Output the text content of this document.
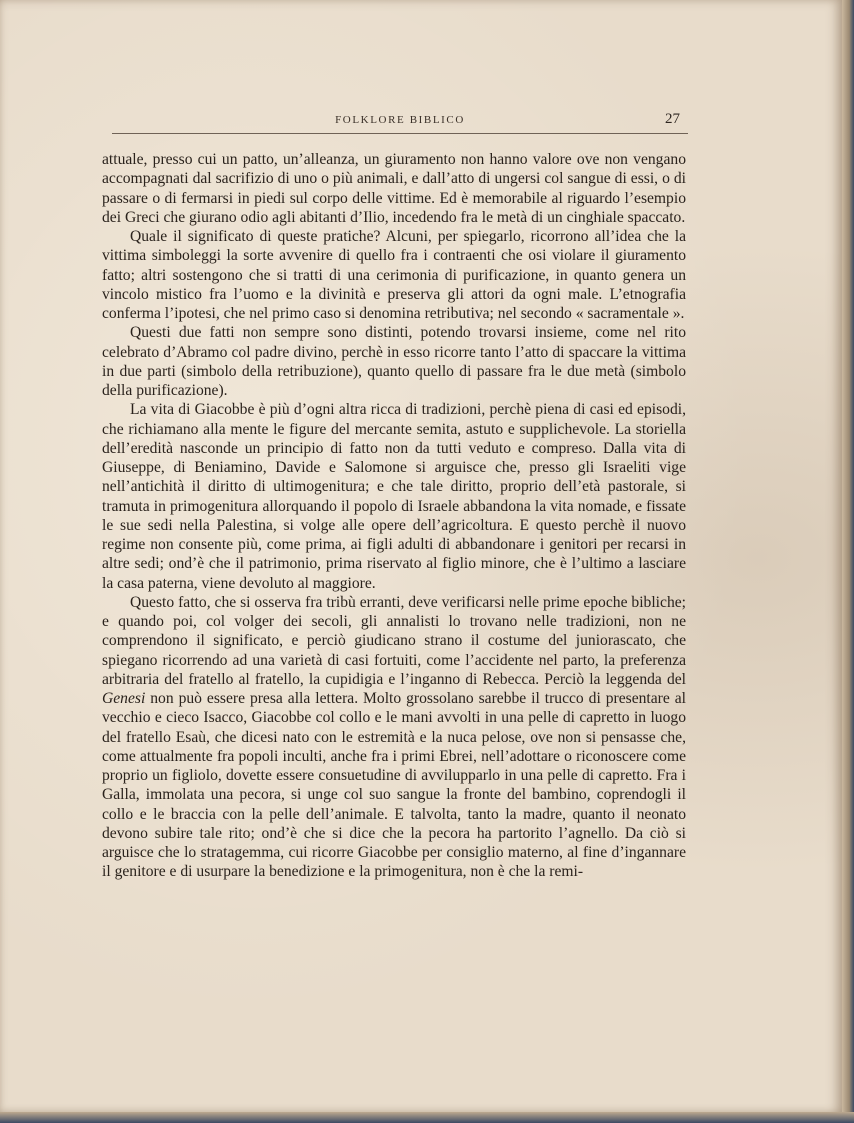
FOLKLORE BIBLICO	27

attuale, presso cui un patto, un’alleanza, un giuramento non hanno valore ove non vengano accompagnati dal sacrifizio di uno o più animali, e dall’atto di ungersi col sangue di essi, o di passare o di fermarsi in piedi sul corpo delle vittime. Ed è memorabile al riguardo l’esempio dei Greci che giurano odio agli abitanti d’Ilio, incedendo fra le metà di un cinghiale spaccato.

Quale il significato di queste pratiche? Alcuni, per spiegarlo, ricorrono all’idea che la vittima simboleggi la sorte avvenire di quello fra i contraenti che osi violare il giuramento fatto; altri sostengono che si tratti di una cerimonia di purificazione, in quanto genera un vincolo mistico fra l’uomo e la divinità e preserva gli attori da ogni male. L’etnografia conferma l’ipotesi, che nel primo caso si denomina retributiva; nel secondo « sacramentale ».

Questi due fatti non sempre sono distinti, potendo trovarsi insieme, come nel rito celebrato d’Abramo col padre divino, perchè in esso ricorre tanto l’atto di spaccare la vittima in due parti (simbolo della retribuzione), quanto quello di passare fra le due metà (simbolo della purificazione).

La vita di Giacobbe è più d’ogni altra ricca di tradizioni, perchè piena di casi ed episodi, che richiamano alla mente le figure del mercante semita, astuto e supplichevole. La storiella dell’eredità nasconde un principio di fatto non da tutti veduto e compreso. Dalla vita di Giuseppe, di Beniamino, Davide e Salomone si arguisce che, presso gli Israeliti vige nell’antichità il diritto di ultimogenitura; e che tale diritto, proprio dell’età pastorale, si tramuta in primogenitura allorquando il popolo di Israele abbandona la vita nomade, e fissate le sue sedi nella Palestina, si volge alle opere dell’agricoltura. E questo perchè il nuovo regime non consente più, come prima, ai figli adulti di abbandonare i genitori per recarsi in altre sedi; ond’è che il patrimonio, prima riservato al figlio minore, che è l’ultimo a lasciare la casa paterna, viene devoluto al maggiore.

Questo fatto, che si osserva fra tribù erranti, deve verificarsi nelle prime epoche bibliche; e quando poi, col volger dei secoli, gli annalisti lo trovano nelle tradizioni, non ne comprendono il significato, e perciò giudicano strano il costume del juniorascato, che spiegano ricorrendo ad una varietà di casi fortuiti, come l’accidente nel parto, la preferenza arbitraria del fratello al fratello, la cupidigia e l’inganno di Rebecca. Perciò la leggenda del Genesi non può essere presa alla lettera. Molto grossolano sarebbe il trucco di presentare al vecchio e cieco Isacco, Giacobbe col collo e le mani avvolti in una pelle di capretto in luogo del fratello Esaù, che dicesi nato con le estremità e la nuca pelose, ove non si pensasse che, come attualmente fra popoli inculti, anche fra i primi Ebrei, nell’adottare o riconoscere come proprio un figliolo, dovette essere consuetudine di avvilupparlo in una pelle di capretto. Fra i Galla, immolata una pecora, si unge col suo sangue la fronte del bambino, coprendogli il collo e le braccia con la pelle dell’animale. E talvolta, tanto la madre, quanto il neonato devono subire tale rito; ond’è che si dice che la pecora ha partorito l’agnello. Da ciò si arguisce che lo stratagemma, cui ricorre Giacobbe per consiglio materno, al fine d’ingannare il genitore e di usurpare la benedizione e la primogenitura, non è che la remi-
